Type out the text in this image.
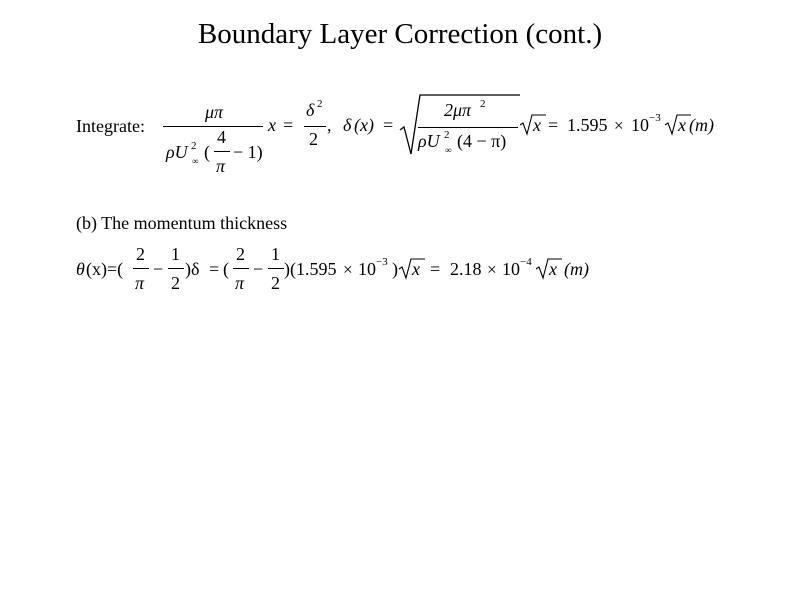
Boundary Layer Correction (cont.)
Integrate:
μπ
ρU 2
∞ (
4
π
− 1)
x =
δ 2
2
, δ (x) =
2μπ 2
ρU 2
∞ (4 − π)
x = 1.595 × 10 −3 x (m)
(b) The momentum thickness
θ (x)=(
2
π
−
1
2
)δ = (
2
π
−
1
2
)(1.595 × 10 −3 ) x = 2.18 × 10 −4 x (m)
